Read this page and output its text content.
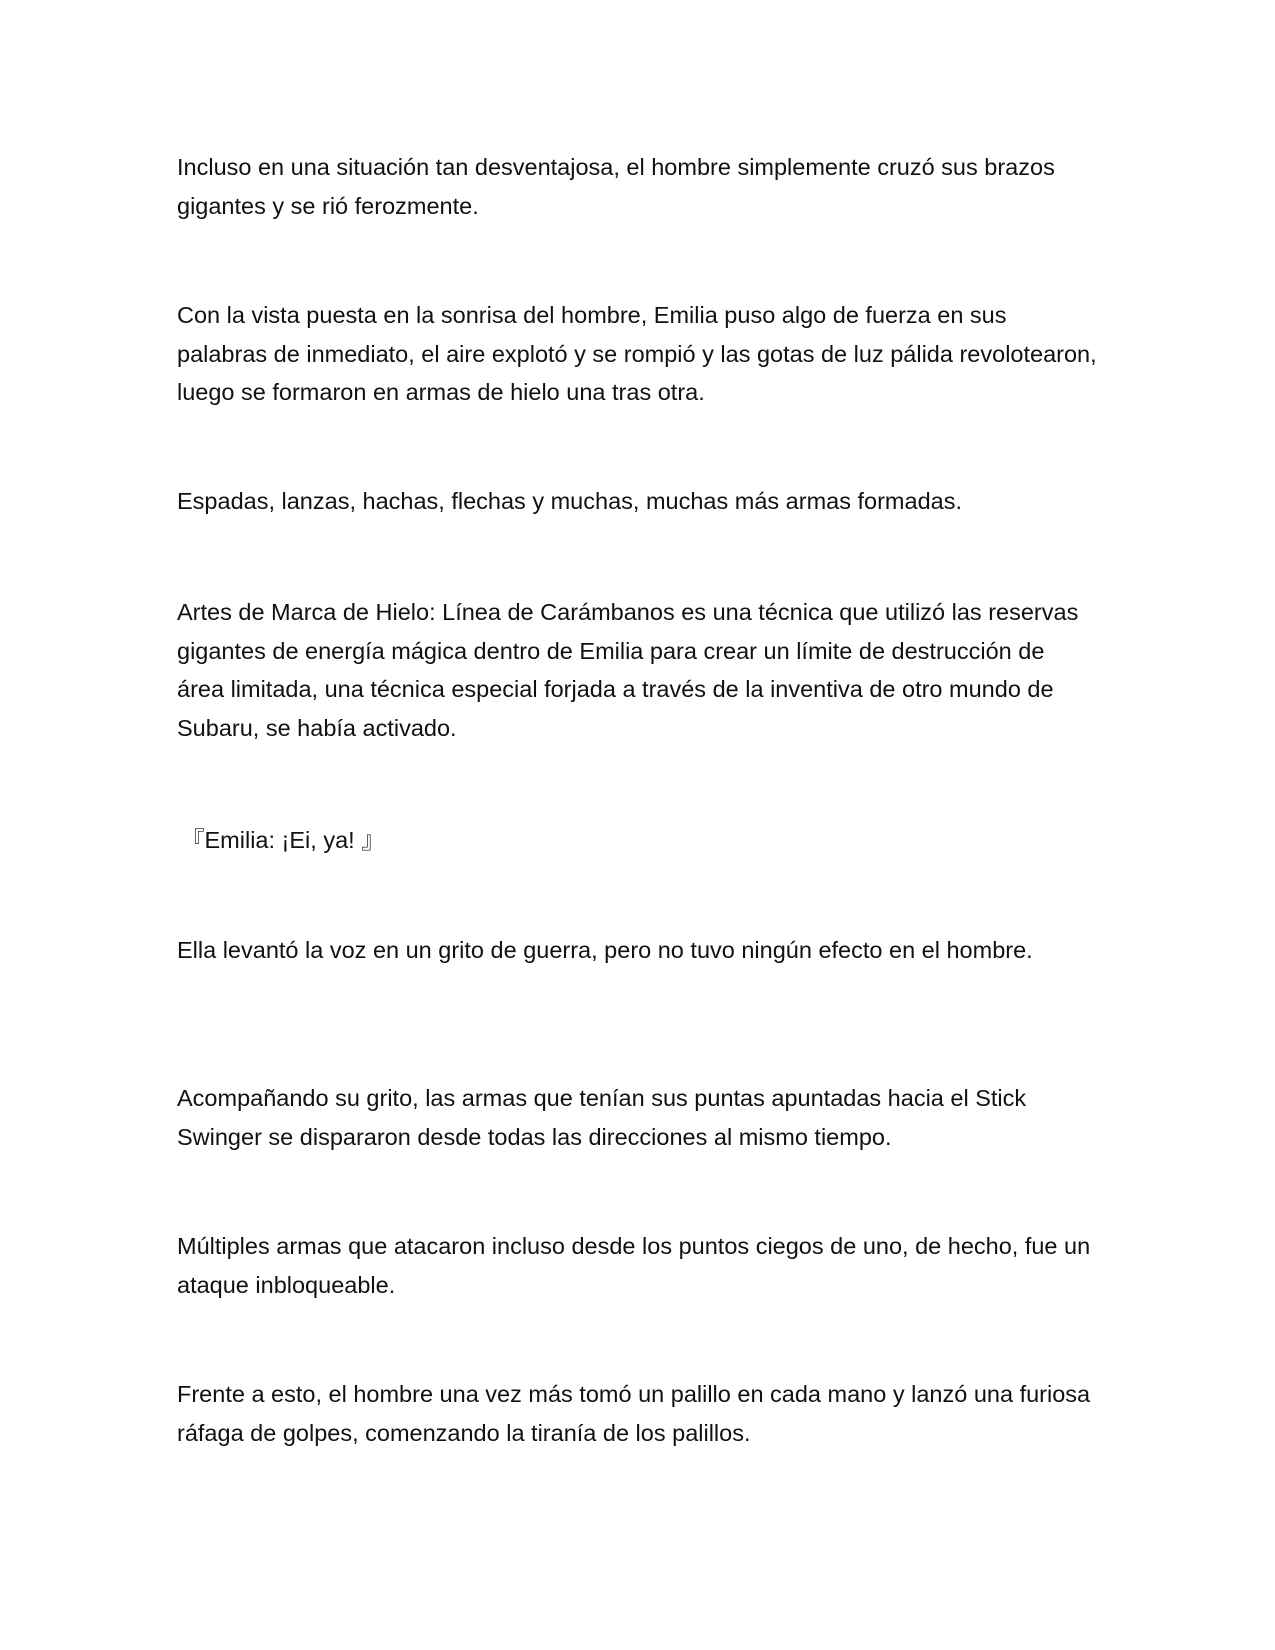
Incluso en una situación tan desventajosa, el hombre simplemente cruzó sus brazos gigantes y se rió ferozmente.

Con la vista puesta en la sonrisa del hombre, Emilia puso algo de fuerza en sus palabras de inmediato, el aire explotó y se rompió y las gotas de luz pálida revolotearon, luego se formaron en armas de hielo una tras otra.

Espadas, lanzas, hachas, flechas y muchas, muchas más armas formadas.

Artes de Marca de Hielo: Línea de Carámbanos es una técnica que utilizó las reservas gigantes de energía mágica dentro de Emilia para crear un límite de destrucción de área limitada, una técnica especial forjada a través de la inventiva de otro mundo de Subaru, se había activado.

『Emilia: ¡Ei, ya! 』

Ella levantó la voz en un grito de guerra, pero no tuvo ningún efecto en el hombre.

Acompañando su grito, las armas que tenían sus puntas apuntadas hacia el Stick Swinger se dispararon desde todas las direcciones al mismo tiempo.

Múltiples armas que atacaron incluso desde los puntos ciegos de uno, de hecho, fue un ataque inbloqueable.

Frente a esto, el hombre una vez más tomó un palillo en cada mano y lanzó una furiosa ráfaga de golpes, comenzando la tiranía de los palillos.
